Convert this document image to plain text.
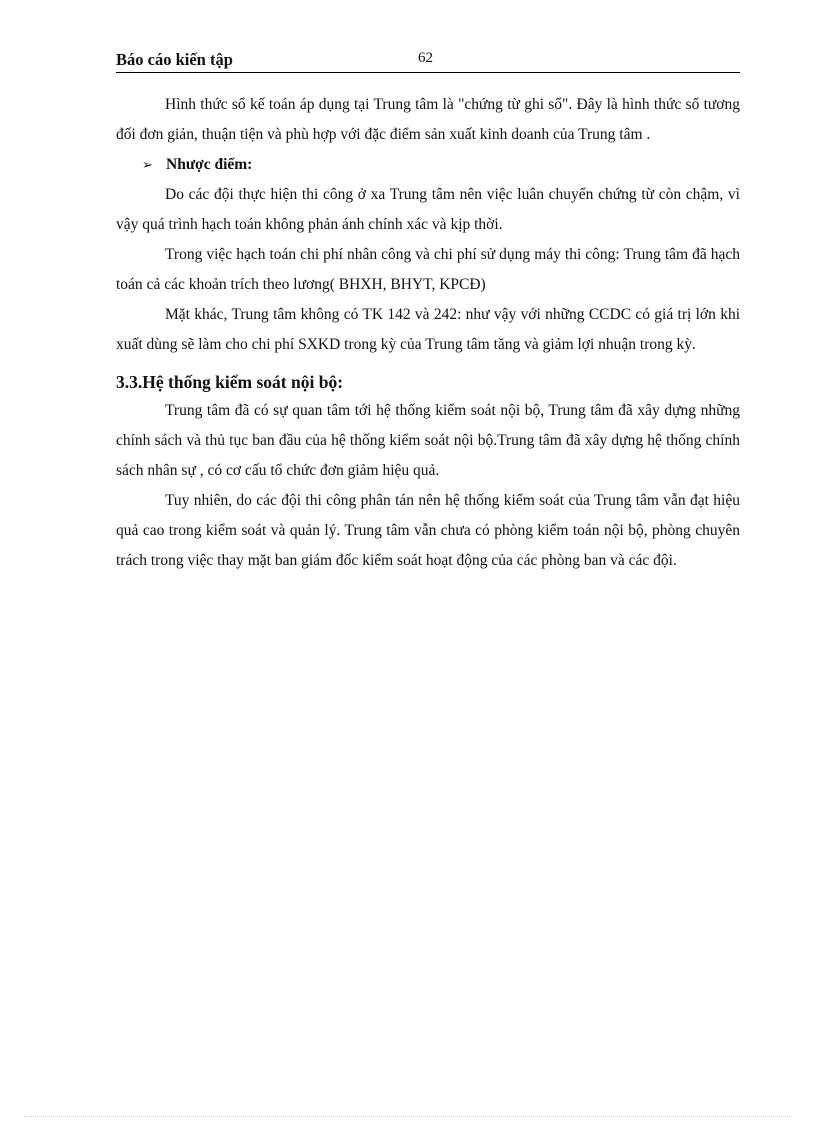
Báo cáo kiến tập	62

Hình thức sổ kế toán áp dụng tại Trung tâm là "chứng từ ghi sổ". Đây là hình thức sổ tương đối đơn giản, thuận tiện và phù hợp với đặc điểm sản xuất kinh doanh của Trung tâm .

➢ Nhược điểm:

Do các đội thực hiện thi công ở xa Trung tâm nên việc luân chuyển chứng từ còn chậm, vì vậy quá trình hạch toán không phản ánh chính xác và kịp thời.

Trong việc hạch toán chi phí nhân công và chi phí sử dụng máy thi công: Trung tâm đã hạch toán cả các khoản trích theo lương( BHXH, BHYT, KPCĐ)

Mặt khác, Trung tâm không có TK 142 và 242: như vậy với những CCDC có giá trị lớn khi xuất dùng sẽ làm cho chi phí SXKD trong kỳ của Trung tâm tăng và giảm lợi nhuận trong kỳ.

3.3.Hệ thống kiểm soát nội bộ:

Trung tâm đã có sự quan tâm tới hệ thống kiểm soát nội bộ, Trung tâm đã xây dựng những chính sách và thủ tục ban đầu của hệ thống kiểm soát nội bộ.Trung tâm đã xây dựng hệ thống chính sách nhân sự , có cơ cấu tổ chức đơn giảm hiệu quả.

Tuy nhiên, do các đội thi công phân tán nên hệ thống kiểm soát của Trung tâm vẫn đạt hiệu quả cao trong kiểm soát và quản lý. Trung tâm vẫn chưa có phòng kiểm toán nội bộ, phòng chuyên trách trong việc thay mặt ban giám đốc kiểm soát hoạt động của các phòng ban và các đội.
